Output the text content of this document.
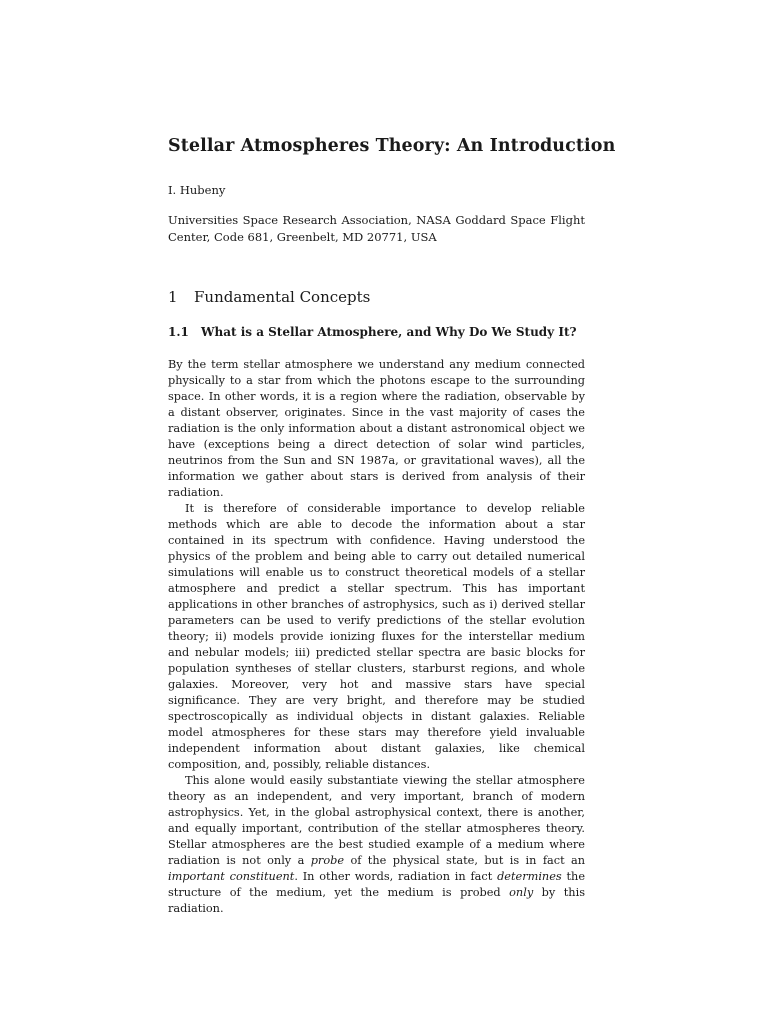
Stellar Atmospheres Theory: An Introduction

I. Hubeny

Universities Space Research Association, NASA Goddard Space Flight Center, Code 681, Greenbelt, MD 20771, USA

1 Fundamental Concepts
1.1 What is a Stellar Atmosphere, and Why Do We Study It?

By the term stellar atmosphere we understand any medium connected physically to a star from which the photons escape to the surrounding space. In other words, it is a region where the radiation, observable by a distant observer, originates. Since in the vast majority of cases the radiation is the only information about a distant astronomical object we have (exceptions being a direct detection of solar wind particles, neutrinos from the Sun and SN 1987a, or gravitational waves), all the information we gather about stars is derived from analysis of their radiation.

It is therefore of considerable importance to develop reliable methods which are able to decode the information about a star contained in its spectrum with confidence. Having understood the physics of the problem and being able to carry out detailed numerical simulations will enable us to construct theoretical models of a stellar atmosphere and predict a stellar spectrum. This has important applications in other branches of astrophysics, such as i) derived stellar parameters can be used to verify predictions of the stellar evolution theory; ii) models provide ionizing fluxes for the interstellar medium and nebular models; iii) predicted stellar spectra are basic blocks for population syntheses of stellar clusters, starburst regions, and whole galaxies. Moreover, very hot and massive stars have special significance. They are very bright, and therefore may be studied spectroscopically as individual objects in distant galaxies. Reliable model atmospheres for these stars may therefore yield invaluable independent information about distant galaxies, like chemical composition, and, possibly, reliable distances.

This alone would easily substantiate viewing the stellar atmosphere theory as an independent, and very important, branch of modern astrophysics. Yet, in the global astrophysical context, there is another, and equally important, contribution of the stellar atmospheres theory. Stellar atmospheres are the best studied example of a medium where radiation is not only a probe of the physical state, but is in fact an important constituent. In other words, radiation in fact determines the structure of the medium, yet the medium is probed only by this radiation.
